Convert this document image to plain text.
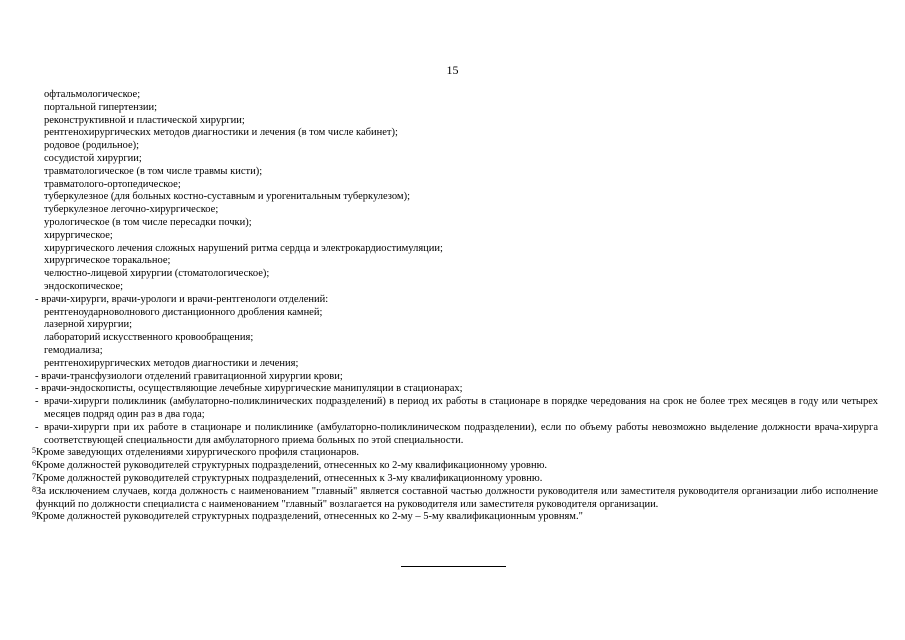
15
офтальмологическое;
портальной гипертензии;
реконструктивной и пластической хирургии;
рентгенохирургических методов диагностики и лечения (в том числе кабинет);
родовое (родильное);
сосудистой хирургии;
травматологическое (в том числе травмы кисти);
травматолого-ортопедическое;
туберкулезное (для больных костно-суставным и урогенитальным туберкулезом);
туберкулезное легочно-хирургическое;
урологическое (в том числе пересадки почки);
хирургическое;
хирургического лечения сложных нарушений ритма сердца и электрокардиостимуляции;
хирургическое торакальное;
челюстно-лицевой хирургии (стоматологическое);
эндоскопическое;
- врачи-хирурги, врачи-урологи и врачи-рентгенологи отделений:
рентгеноударноволнового дистанционного дробления камней;
лазерной хирургии;
лабораторий искусственного кровообращения;
гемодиализа;
рентгенохирургических методов диагностики и лечения;
- врачи-трансфузиологи отделений гравитационной хирургии крови;
- врачи-эндоскописты, осуществляющие лечебные хирургические манипуляции в стационарах;
- врачи-хирурги поликлиник (амбулаторно-поликлинических подразделений) в период их работы в стационаре в порядке чередования на срок не более трех месяцев в году или четырех месяцев подряд один раз в два года;
- врачи-хирурги при их работе в стационаре и поликлинике (амбулаторно-поликлиническом подразделении), если по объему работы невозможно выделение должности врача-хирурга соответствующей специальности для амбулаторного приема больных по этой специальности.
5 Кроме заведующих отделениями хирургического профиля стационаров.
6 Кроме должностей руководителей структурных подразделений, отнесенных ко 2-му квалификационному уровню.
7 Кроме должностей руководителей структурных подразделений, отнесенных к 3-му квалификационному уровню.
8 За исключением случаев, когда должность с наименованием "главный" является составной частью должности руководителя или заместителя руководителя организации либо исполнение функций по должности специалиста с наименованием "главный" возлагается на руководителя или заместителя руководителя организации.
9 Кроме должностей руководителей структурных подразделений, отнесенных ко 2-му – 5-му квалификационным уровням."
